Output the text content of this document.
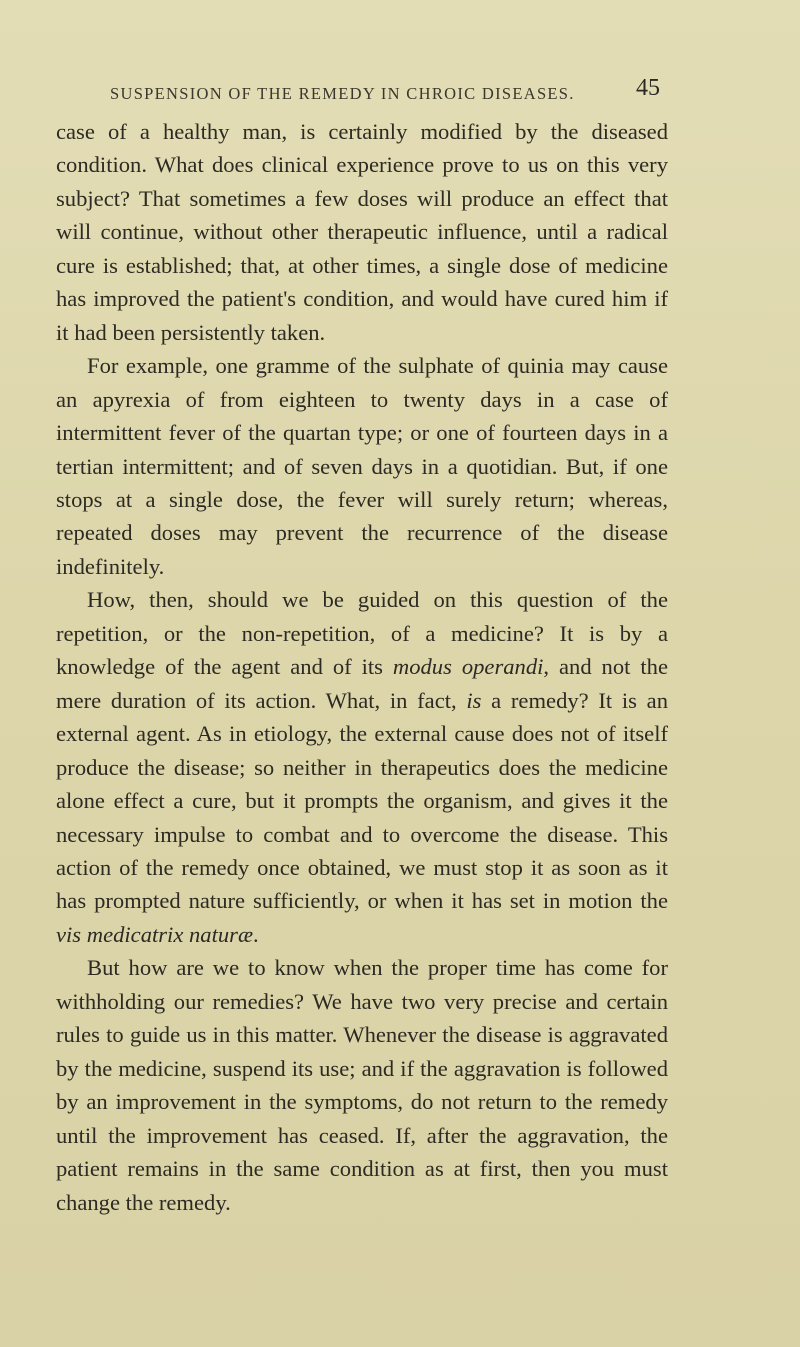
SUSPENSION OF THE REMEDY IN CHROIC DISEASES.	45

case of a healthy man, is certainly modified by the diseased condition. What does clinical experience prove to us on this very subject? That sometimes a few doses will produce an effect that will continue, without other therapeutic influence, until a radical cure is established; that, at other times, a single dose of medicine has improved the patient's condition, and would have cured him if it had been persistently taken.

For example, one gramme of the sulphate of quinia may cause an apyrexia of from eighteen to twenty days in a case of intermittent fever of the quartan type; or one of fourteen days in a tertian intermittent; and of seven days in a quotidian. But, if one stops at a single dose, the fever will surely return; whereas, repeated doses may prevent the recurrence of the disease indefinitely.

How, then, should we be guided on this question of the repetition, or the non-repetition, of a medicine? It is by a knowledge of the agent and of its modus operandi, and not the mere duration of its action. What, in fact, is a remedy? It is an external agent. As in etiology, the external cause does not of itself produce the disease; so neither in therapeutics does the medicine alone effect a cure, but it prompts the organism, and gives it the necessary impulse to combat and to overcome the disease. This action of the remedy once obtained, we must stop it as soon as it has prompted nature sufficiently, or when it has set in motion the vis medicatrix naturæ.

But how are we to know when the proper time has come for withholding our remedies? We have two very precise and certain rules to guide us in this matter. Whenever the disease is aggravated by the medicine, suspend its use; and if the aggravation is followed by an improvement in the symptoms, do not return to the remedy until the improvement has ceased. If, after the aggravation, the patient remains in the same condition as at first, then you must change the remedy.
